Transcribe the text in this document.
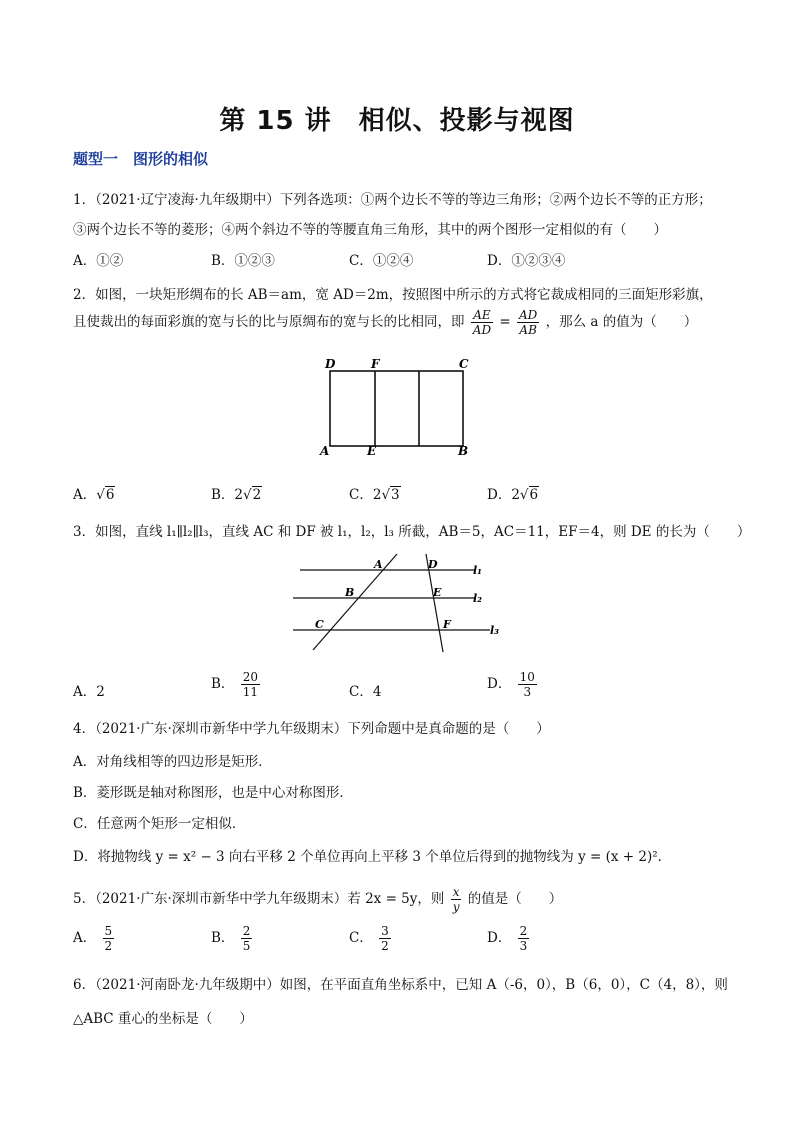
第 15 讲　相似、投影与视图
题型一　图形的相似
1．（2021·辽宁凌海·九年级期中）下列各选项：①两个边长不等的等边三角形；②两个边长不等的正方形；
③两个边长不等的菱形；④两个斜边不等的等腰直角三角形，其中的两个图形一定相似的有（　　）
A．①②	B．①②③	C．①②④	D．①②③④
2．如图，一块矩形绸布的长 AB＝am，宽 AD＝2m，按照图中所示的方式将它裁成相同的三面矩形彩旗，
且使裁出的每面彩旗的宽与长的比与原绸布的宽与长的比相同，即 $\frac{AE}{AD} = \frac{AD}{AB}$ ，那么 a 的值为（　　）
D	F	C
A	E	B
A．√6	B．2√2	C．2√3	D．2√6
3．如图，直线 l₁∥l₂∥l₃，直线 AC 和 DF 被 l₁，l₂，l₃ 所截，AB＝5，AC＝11，EF＝4，则 DE 的长为（　　）
A	D	l₁
B	E	l₂
C	F	l₃
A．2	B． $\frac{20}{11}$	C．4	D． $\frac{10}{3}$
4．（2021·广东·深圳市新华中学九年级期末）下列命题中是真命题的是（　　）
A．对角线相等的四边形是矩形．
B．菱形既是轴对称图形，也是中心对称图形．
C．任意两个矩形一定相似．
D．将抛物线 y = x² − 3 向右平移 2 个单位再向上平移 3 个单位后得到的抛物线为 y = (x + 2)²．
5．（2021·广东·深圳市新华中学九年级期末）若 2x = 5y，则 $\frac{x}{y}$ 的值是（　　）
A． $\frac{5}{2}$	B． $\frac{2}{5}$	C． $\frac{3}{2}$	D． $\frac{2}{3}$
6．（2021·河南卧龙·九年级期中）如图，在平面直角坐标系中，已知 A（-6，0），B（6，0），C（4，8），则
△ABC 重心的坐标是（　　）
